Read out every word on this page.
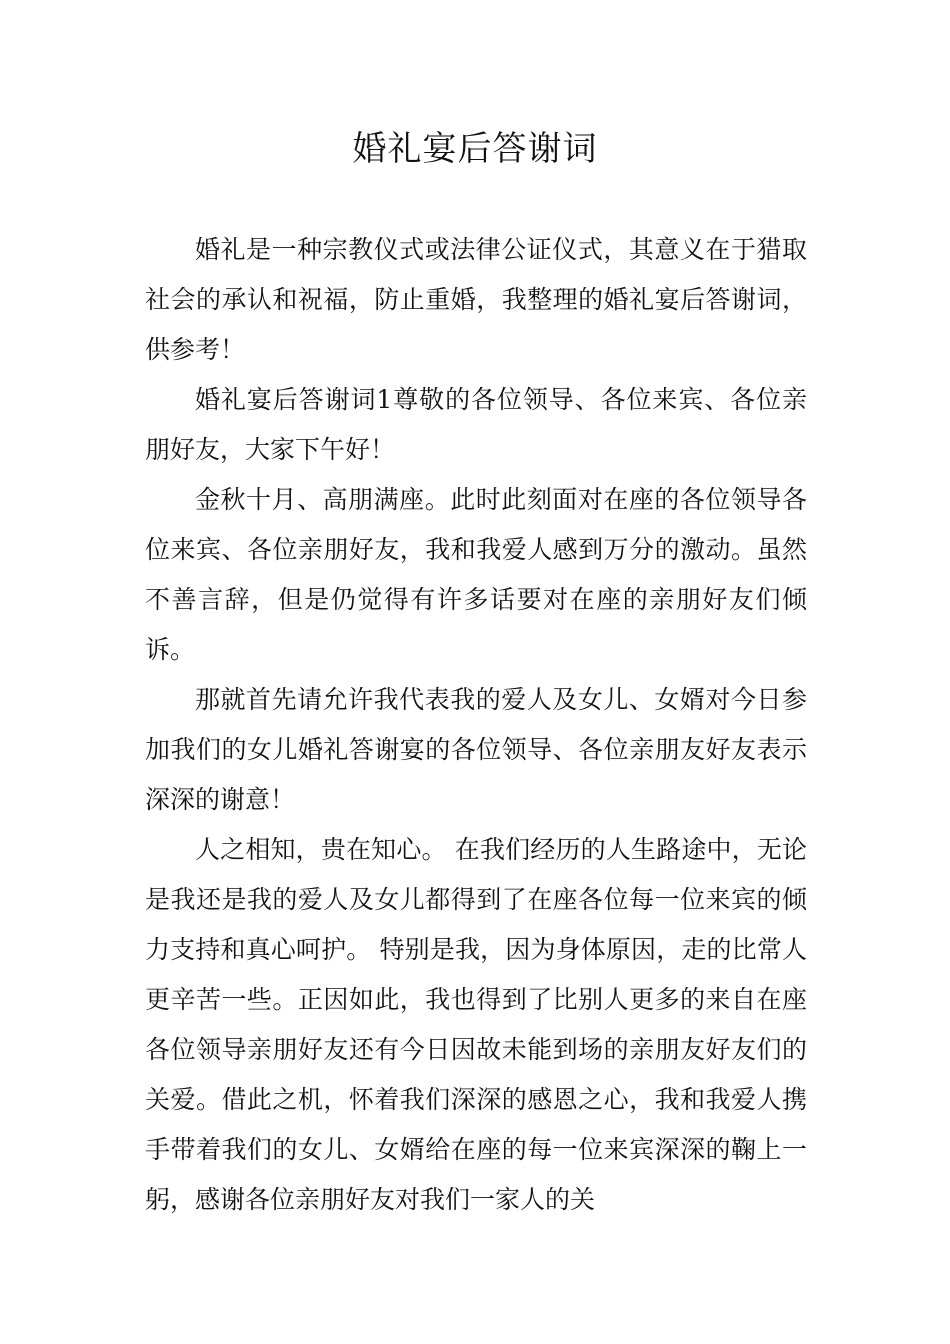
婚礼宴后答谢词

婚礼是一种宗教仪式或法律公证仪式，其意义在于猎取社会的承认和祝福，防止重婚，我整理的婚礼宴后答谢词，供参考！

婚礼宴后答谢词1尊敬的各位领导、各位来宾、各位亲朋好友，大家下午好！

金秋十月、高朋满座。此时此刻面对在座的各位领导各位来宾、各位亲朋好友，我和我爱人感到万分的激动。虽然不善言辞，但是仍觉得有许多话要对在座的亲朋好友们倾诉。

那就首先请允许我代表我的爱人及女儿、女婿对今日参加我们的女儿婚礼答谢宴的各位领导、各位亲朋友好友表示深深的谢意！

人之相知，贵在知心。 在我们经历的人生路途中，无论是我还是我的爱人及女儿都得到了在座各位每一位来宾的倾力支持和真心呵护。 特别是我，因为身体原因，走的比常人更辛苦一些。正因如此，我也得到了比别人更多的来自在座各位领导亲朋好友还有今日因故未能到场的亲朋友好友们的关爱。借此之机，怀着我们深深的感恩之心，我和我爱人携手带着我们的女儿、女婿给在座的每一位来宾深深的鞠上一躬，感谢各位亲朋好友对我们一家人的关
